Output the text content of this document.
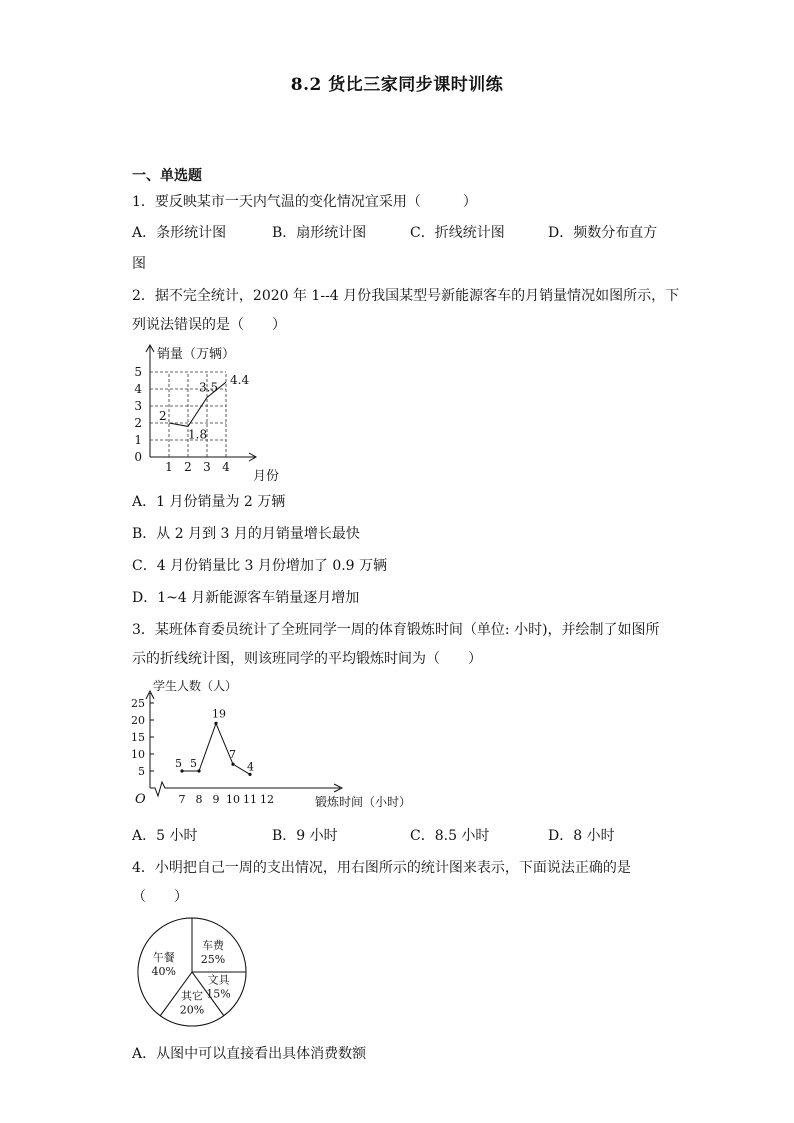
8.2 货比三家同步课时训练
一、单选题
1．要反映某市一天内气温的变化情况宜采用（　　　）
A．条形统计图	B．扇形统计图	C．折线统计图	D．频数分布直方
图
2．据不完全统计，2020 年 1--4 月份我国某型号新能源客车的月销量情况如图所示，下
列说法错误的是（　　）
0
1
2
3
4
5
1 2 3 4
2
1.8
3.5
4.4
销量（万辆）
月份
A．1 月份销量为 2 万辆
B．从 2 月到 3 月的月销量增长最快
C．4 月份销量比 3 月份增加了 0.9 万辆
D．1~4 月新能源客车销量逐月增加
3．某班体育委员统计了全班同学一周的体育锻炼时间（单位: 小时)，并绘制了如图所
示的折线统计图，则该班同学的平均锻炼时间为（　　）
O
5
10
15
20
25
7 8 9 10 11 12
5 5
19
7
4
学生人数（人）
锻炼时间（小时）
A．5 小时	B．9 小时	C．8.5 小时	D．8 小时
4．小明把自己一周的支出情况，用右图所示的统计图来表示，下面说法正确的是
（　　）
车费
25%
文具
15%
其它
20%
午餐
40%
A．从图中可以直接看出具体消费数额
